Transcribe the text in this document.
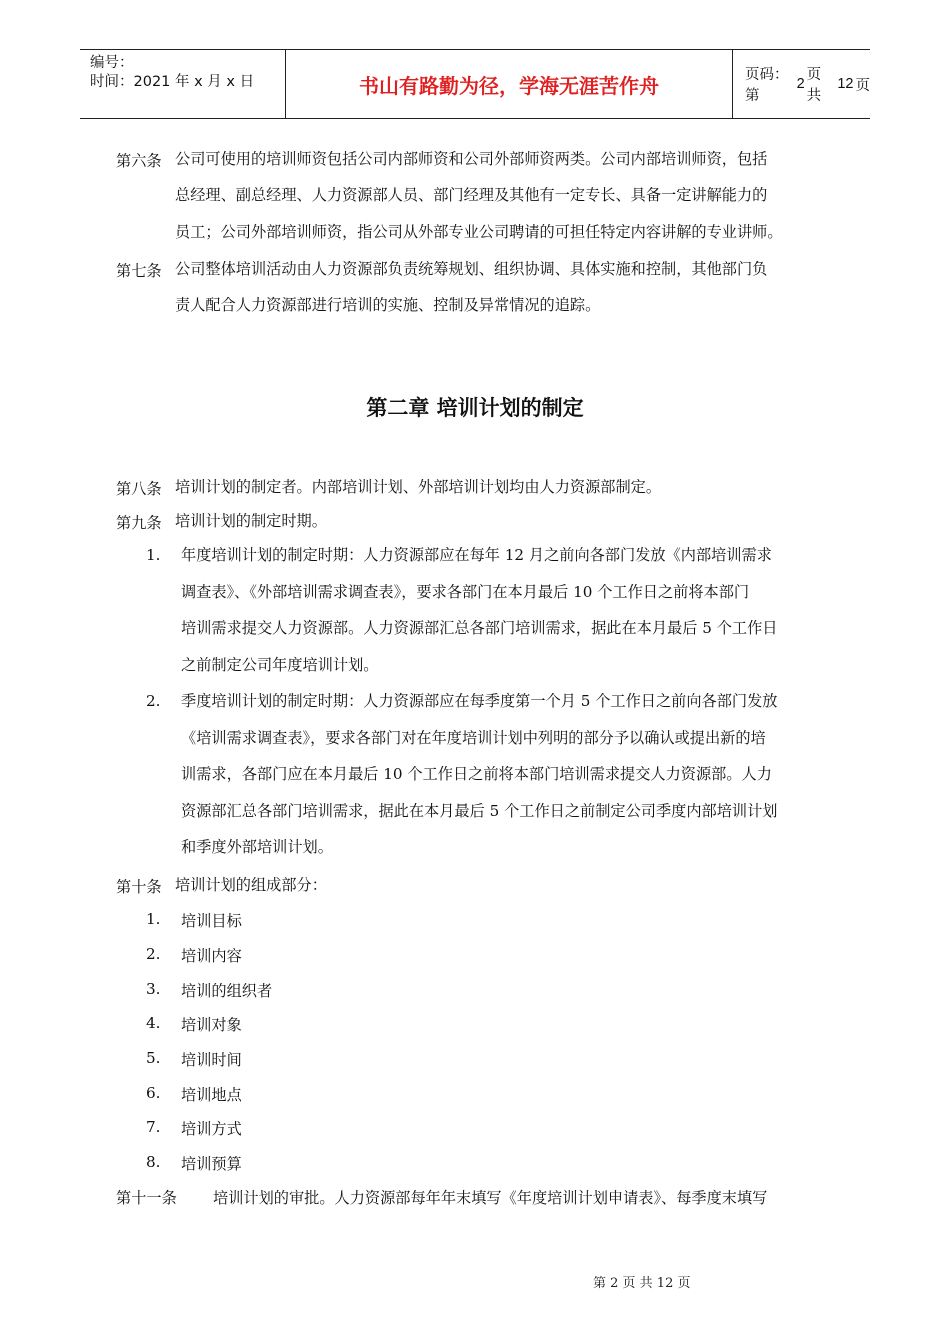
编号：
时间：2021 年 x 月 x 日	书山有路勤为径，学海无涯苦作舟	页码：第
2
页 共
12 页
第六条 公司可使用的培训师资包括公司内部师资和公司外部师资两类。公司内部培训师资，包括
总经理、副总经理、人力资源部人员、部门经理及其他有一定专长、具备一定讲解能力的
员工；公司外部培训师资，指公司从外部专业公司聘请的可担任特定内容讲解的专业讲师。
第七条 公司整体培训活动由人力资源部负责统筹规划、组织协调、具体实施和控制，其他部门负
责人配合人力资源部进行培训的实施、控制及异常情况的追踪。
第二章 培训计划的制定
第八条 培训计划的制定者。内部培训计划、外部培训计划均由人力资源部制定。
第九条 培训计划的制定时期。
1. 年度培训计划的制定时期：人力资源部应在每年 12 月之前向各部门发放《内部培训需求
调查表》、《外部培训需求调查表》，要求各部门在本月最后 10 个工作日之前将本部门
培训需求提交人力资源部。人力资源部汇总各部门培训需求，据此在本月最后 5 个工作日
之前制定公司年度培训计划。
2. 季度培训计划的制定时期：人力资源部应在每季度第一个月 5 个工作日之前向各部门发放
《培训需求调查表》，要求各部门对在年度培训计划中列明的部分予以确认或提出新的培
训需求，各部门应在本月最后 10 个工作日之前将本部门培训需求提交人力资源部。人力
资源部汇总各部门培训需求，据此在本月最后 5 个工作日之前制定公司季度内部培训计划
和季度外部培训计划。
第十条 培训计划的组成部分：
1. 培训目标
2. 培训内容
3. 培训的组织者
4. 培训对象
5. 培训时间
6. 培训地点
7. 培训方式
8. 培训预算
第十一条 培训计划的审批。人力资源部每年年末填写《年度培训计划申请表》、每季度末填写
第 2 页 共 12 页
